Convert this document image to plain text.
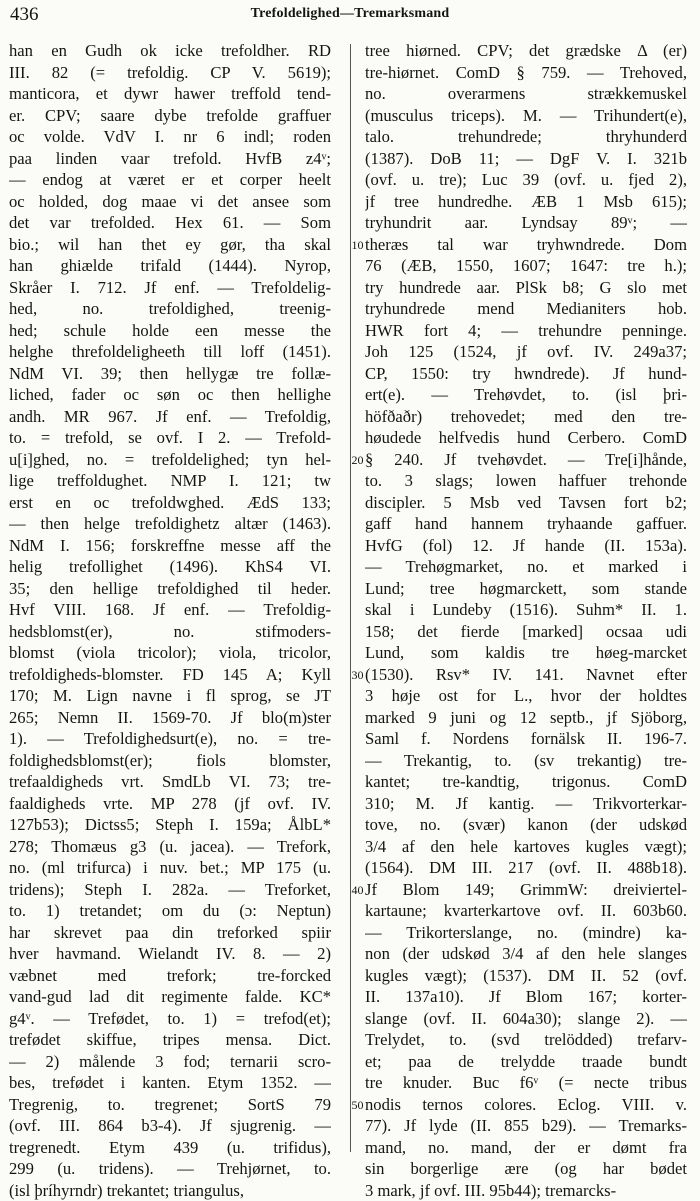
436	Trefoldelighed—Tremarksmand
han en Gudh ok icke trefoldher. RD
III. 82 (= trefoldig. CP V. 5619);
manticora, et dywr hawer treffold tend-
er. CPV; saare dybe trefolde graffuer
oc volde. VdV I. nr 6 indl; roden
paa linden vaar trefold. HvfB z4ᵛ;
— endog at været er et corper heelt
oc holded, dog maae vi det ansee som
det var trefolded. Hex 61. — Som
bio.; wil han thet ey gør, tha skal
han ghiælde trifald (1444). Nyrop,
Skråer I. 712. Jf enf. — Trefoldelig-
hed, no. trefoldighed, treenig-
hed; schule holde een messe the
helghe threfoldeligheeth till loff (1451).
NdM VI. 39; then hellygæ tre follæ-
liched, fader oc søn oc then hellighe
andh. MR 967. Jf enf. — Trefoldig,
to. = trefold, se ovf. I 2. — Trefold-
u[i]ghed, no. = trefoldelighed; tyn hel-
lige treffoldughet. NMP I. 121; tw
erst en oc trefoldwghed. ÆdS 133;
— then helge trefoldighetz altær (1463).
NdM I. 156; forskreffne messe aff the
helig trefollighet (1496). KhS4 VI.
35; den hellige trefoldighed til heder.
Hvf VIII. 168. Jf enf. — Trefoldig-
hedsblomst(er), no. stifmoders-
blomst (viola tricolor); viola, tricolor,
trefoldigheds-blomster. FD 145 A; Kyll
170; M. Lign navne i fl sprog, se JT
265; Nemn II. 1569-70. Jf blo(m)ster
1). — Trefoldighedsurt(e), no. = tre-
foldighedsblomst(er); fiols blomster,
trefaaldigheds vrt. SmdLb VI. 73; tre-
faaldigheds vrte. MP 278 (jf ovf. IV.
127b53); Dictss5; Steph I. 159a; ÅlbL*
278; Thomæus g3 (u. jacea). — Trefork,
no. (ml trifurca) i nuv. bet.; MP 175 (u.
tridens); Steph I. 282a. — Treforket,
to. 1) tretandet; om du (ɔ: Neptun)
har skrevet paa din treforked spiir
hver havmand. Wielandt IV. 8. — 2)
væbnet med trefork; tre-forcked
vand-gud lad dit regimente falde. KC*
g4ᵛ. — Trefødet, to. 1) = trefod(et);
trefødet skiffue, tripes mensa. Dict.
— 2) målende 3 fod; ternarii scro-
bes, trefødet i kanten. Etym 1352. —
Tregrenig, to. tregrenet; SortS 79
(ovf. III. 864 b3-4). Jf sjugrenig. —
tregrenedt. Etym 439 (u. trifidus),
299 (u. tridens). — Trehjørnet, to.
(isl þríhyrndr) trekantet; triangulus,
10
20
30
40
50
tree hiørned. CPV; det grædske Δ (er)
tre-hiørnet. ComD § 759. — Trehoved,
no. overarmens strækkemuskel
(musculus triceps). M. — Trihundert(e),
talo. trehundrede; thryhunderd
(1387). DoB 11; — DgF V. I. 321b
(ovf. u. tre); Luc 39 (ovf. u. fjed 2),
jf tree hundredhe. ÆB 1 Msb 615);
tryhundrit aar. Lyndsay 89ᵛ; —
therӕs tal war tryhwndrede. Dom
76 (ÆB, 1550, 1607; 1647: tre h.);
try hundrede aar. PlSk b8; G slo met
tryhundrede mend Medianiters hob.
HWR fort 4; — trehundre penninge.
Joh 125 (1524, jf ovf. IV. 249a37;
CP, 1550: try hwndrede). Jf hund-
ert(e). — Trehøvdet, to. (isl þri-
höfðaðr) trehovedet; med den tre-
høudede helfvedis hund Cerbero. ComD
§ 240. Jf tvehøvdet. — Tre[i]hånde,
to. 3 slags; lowen haffuer trehonde
discipler. 5 Msb ved Tavsen fort b2;
gaff hand hannem tryhaande gaffuer.
HvfG (fol) 12. Jf hande (II. 153a).
— Trehøgmarket, no. et marked i
Lund; tree høgmarckett, som stande
skal i Lundeby (1516). Suhm* II. 1.
158; det fierde [marked] ocsaa udi
Lund, som kaldis tre høeg-marcket
(1530). Rsv* IV. 141. Navnet efter
3 høje ost for L., hvor der holdtes
marked 9 juni og 12 septb., jf Sjöborg,
Saml f. Nordens fornälsk II. 196-7.
— Trekantig, to. (sv trekantig) tre-
kantet; tre-kandtig, trigonus. ComD
310; M. Jf kantig. — Trikvorterkar-
tove, no. (svær) kanon (der udskød
3/4 af den hele kartoves kugles vægt);
(1564). DM III. 217 (ovf. II. 488b18).
Jf Blom 149; GrimmW: dreiviertel-
kartaune; kvarterkartove ovf. II. 603b60.
— Trikorterslange, no. (mindre) ka-
non (der udskød 3/4 af den hele slanges
kugles vægt); (1537). DM II. 52 (ovf.
II. 137a10). Jf Blom 167; korter-
slange (ovf. II. 604a30); slange 2). —
Trelydet, to. (svd trelödded) trefarv-
et; paa de trelydde traade bundt
tre knuder. Buc f6ᵛ (= necte tribus
nodis ternos colores. Eclog. VIII. v.
77). Jf lyde (II. 855 b29). — Tremarks-
mand, no. mand, der er dømt fra
sin borgerlige ære (og har bødet
3 mark, jf ovf. III. 95b44); tremarcks-
